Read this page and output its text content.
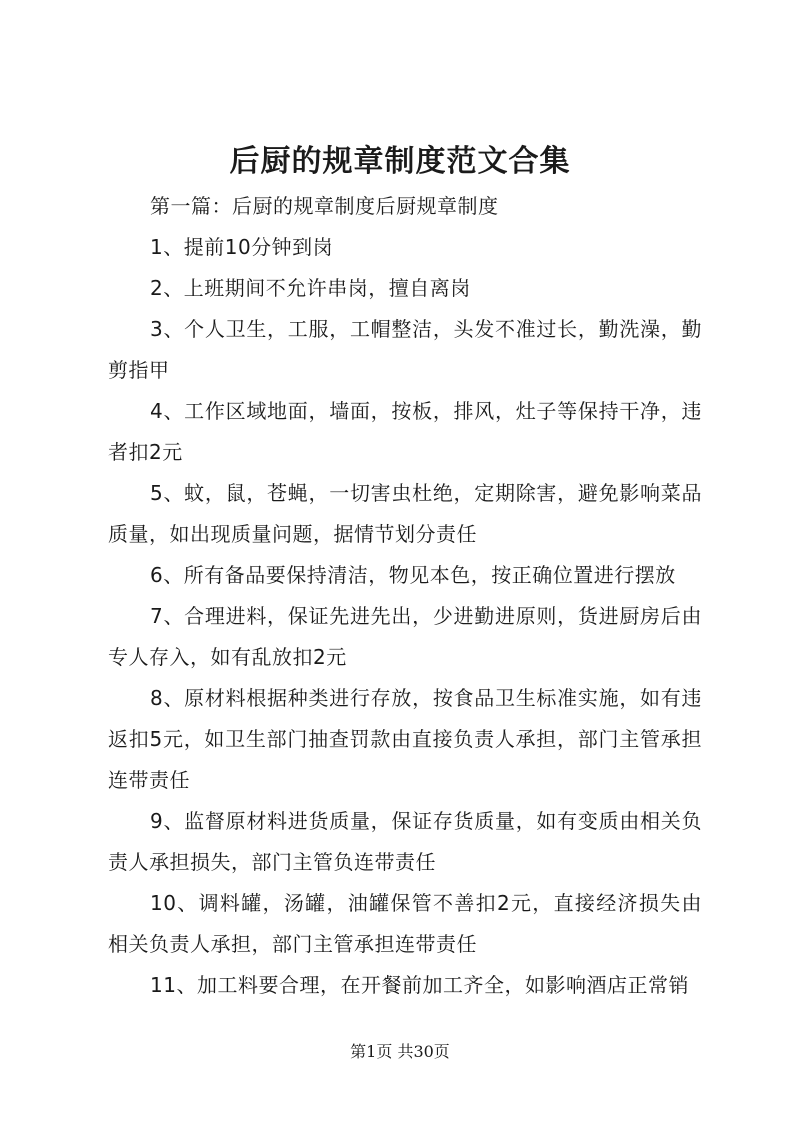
后厨的规章制度范文合集

第一篇：后厨的规章制度后厨规章制度

1、提前10分钟到岗

2、上班期间不允许串岗，擅自离岗

3、个人卫生，工服，工帽整洁，头发不准过长，勤洗澡，勤剪指甲

4、工作区域地面，墙面，按板，排风，灶子等保持干净，违者扣2元

5、蚊，鼠，苍蝇，一切害虫杜绝，定期除害，避免影响菜品质量，如出现质量问题，据情节划分责任

6、所有备品要保持清洁，物见本色，按正确位置进行摆放

7、合理进料，保证先进先出，少进勤进原则，货进厨房后由专人存入，如有乱放扣2元

8、原材料根据种类进行存放，按食品卫生标准实施，如有违返扣5元，如卫生部门抽查罚款由直接负责人承担，部门主管承担连带责任

9、监督原材料进货质量，保证存货质量，如有变质由相关负责人承担损失，部门主管负连带责任

10、调料罐，汤罐，油罐保管不善扣2元，直接经济损失由相关负责人承担，部门主管承担连带责任

11、加工料要合理，在开餐前加工齐全，如影响酒店正常销

第1页 共30页
